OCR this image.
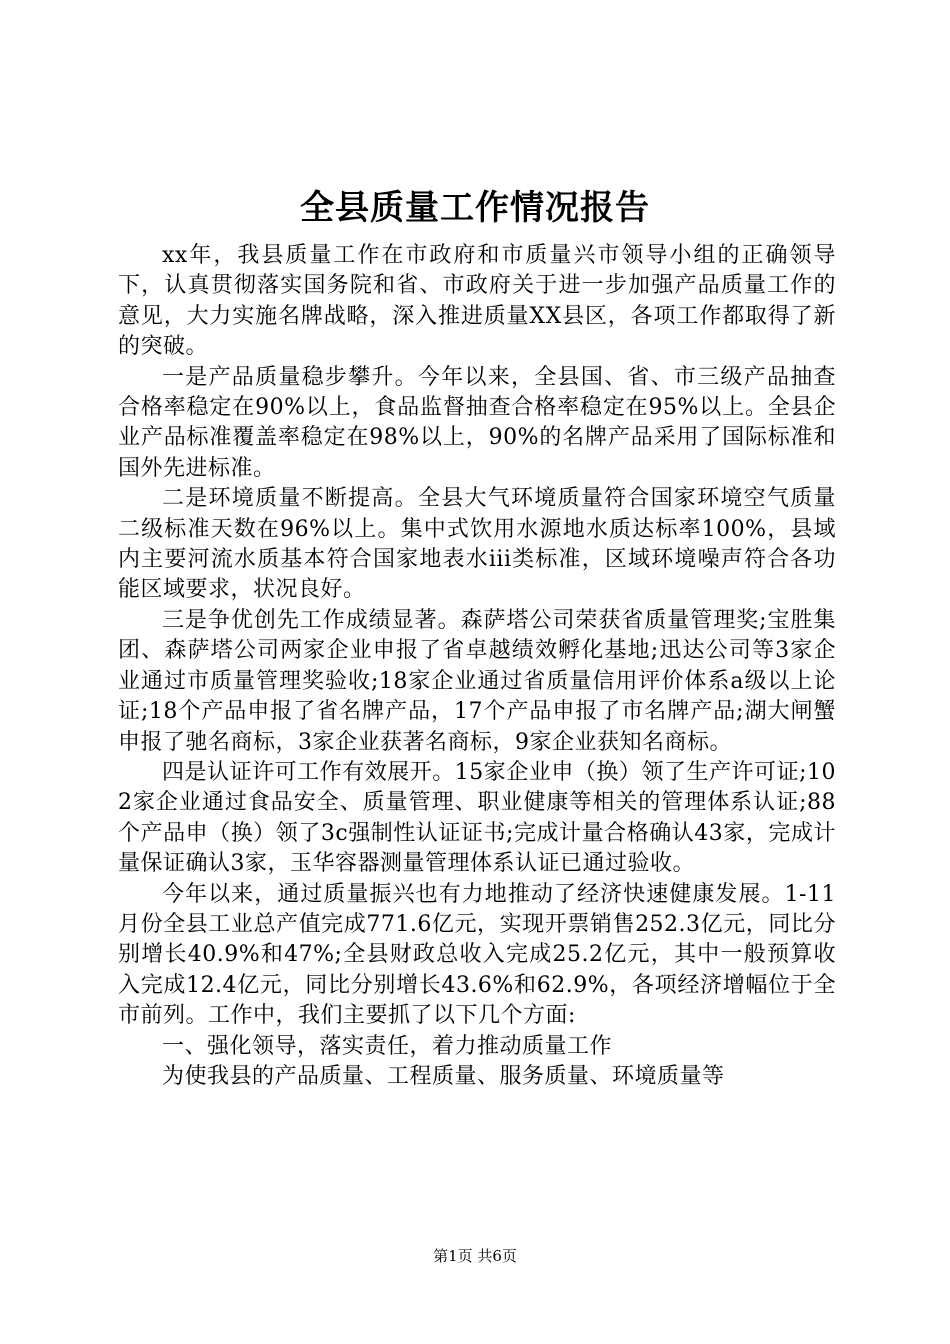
全县质量工作情况报告

xx年，我县质量工作在市政府和市质量兴市领导小组的正确领导下，认真贯彻落实国务院和省、市政府关于进一步加强产品质量工作的意见，大力实施名牌战略，深入推进质量XX县区，各项工作都取得了新的突破。

一是产品质量稳步攀升。今年以来，全县国、省、市三级产品抽查合格率稳定在90%以上，食品监督抽查合格率稳定在95%以上。全县企业产品标准覆盖率稳定在98%以上，90%的名牌产品采用了国际标准和国外先进标准。

二是环境质量不断提高。全县大气环境质量符合国家环境空气质量二级标准天数在96%以上。集中式饮用水源地水质达标率100%，县域内主要河流水质基本符合国家地表水iii类标准，区域环境噪声符合各功能区域要求，状况良好。

三是争优创先工作成绩显著。森萨塔公司荣获省质量管理奖;宝胜集团、森萨塔公司两家企业申报了省卓越绩效孵化基地;迅达公司等3家企业通过市质量管理奖验收;18家企业通过省质量信用评价体系a级以上论证;18个产品申报了省名牌产品，17个产品申报了市名牌产品;湖大闸蟹申报了驰名商标，3家企业获著名商标，9家企业获知名商标。

四是认证许可工作有效展开。15家企业申（换）领了生产许可证;102家企业通过食品安全、质量管理、职业健康等相关的管理体系认证;88个产品申（换）领了3c强制性认证证书;完成计量合格确认43家，完成计量保证确认3家，玉华容器测量管理体系认证已通过验收。

今年以来，通过质量振兴也有力地推动了经济快速健康发展。1-11月份全县工业总产值完成771.6亿元，实现开票销售252.3亿元，同比分别增长40.9%和47%;全县财政总收入完成25.2亿元，其中一般预算收入完成12.4亿元，同比分别增长43.6%和62.9%，各项经济增幅位于全市前列。工作中，我们主要抓了以下几个方面:

一、强化领导，落实责任，着力推动质量工作

为使我县的产品质量、工程质量、服务质量、环境质量等

第1页 共6页
